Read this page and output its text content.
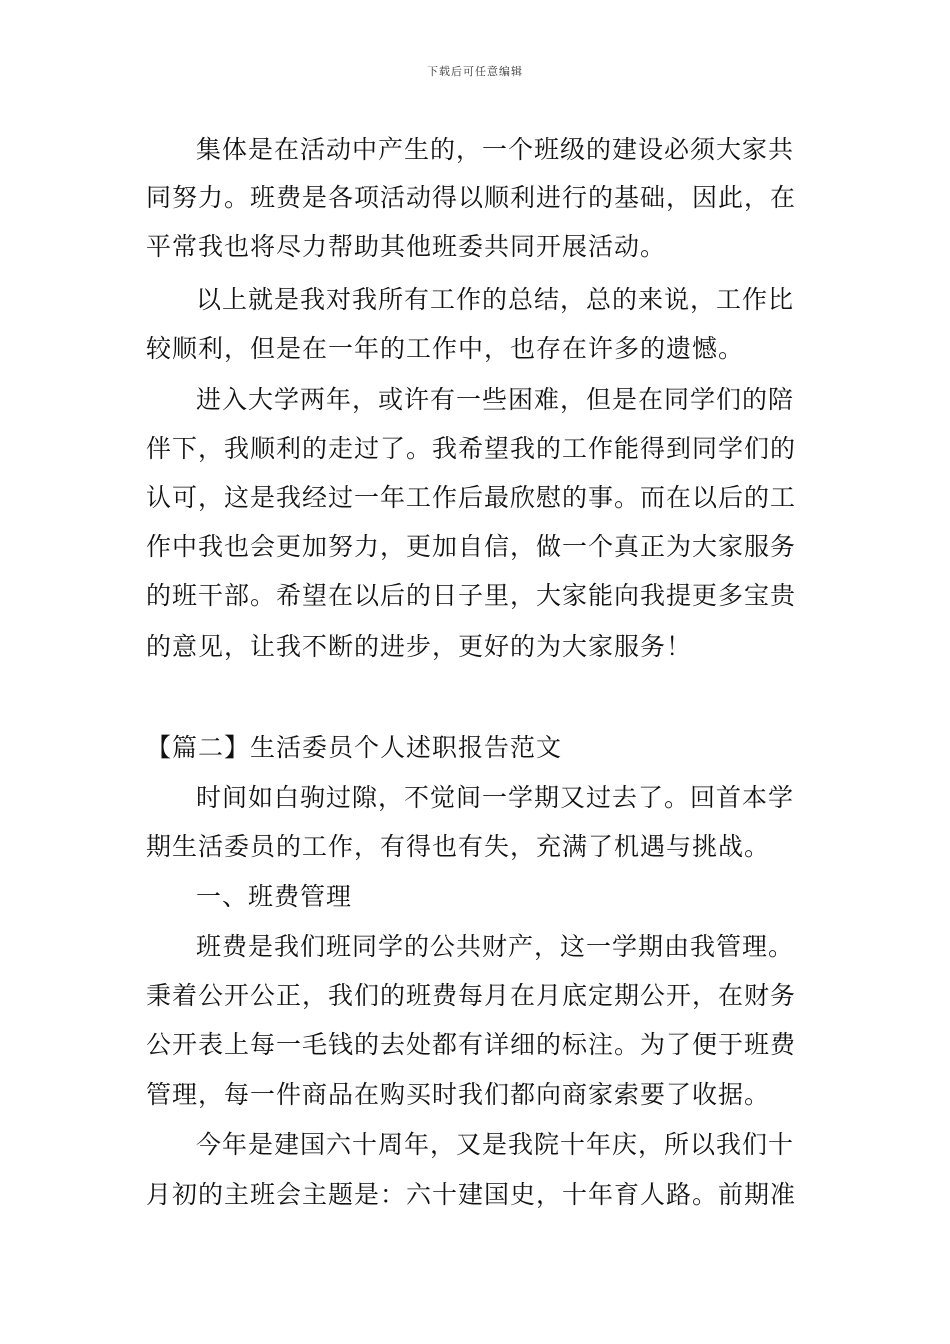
下载后可任意编辑
集体是在活动中产生的，一个班级的建设必须大家共
同努力。班费是各项活动得以顺利进行的基础，因此，在
平常我也将尽力帮助其他班委共同开展活动。
以上就是我对我所有工作的总结，总的来说，工作比
较顺利，但是在一年的工作中，也存在许多的遗憾。
进入大学两年，或许有一些困难，但是在同学们的陪
伴下，我顺利的走过了。我希望我的工作能得到同学们的
认可，这是我经过一年工作后最欣慰的事。而在以后的工
作中我也会更加努力，更加自信，做一个真正为大家服务
的班干部。希望在以后的日子里，大家能向我提更多宝贵
的意见，让我不断的进步，更好的为大家服务！
【篇二】生活委员个人述职报告范文
时间如白驹过隙，不觉间一学期又过去了。回首本学
期生活委员的工作，有得也有失，充满了机遇与挑战。
一、班费管理
班费是我们班同学的公共财产，这一学期由我管理。
秉着公开公正，我们的班费每月在月底定期公开，在财务
公开表上每一毛钱的去处都有详细的标注。为了便于班费
管理，每一件商品在购买时我们都向商家索要了收据。
今年是建国六十周年，又是我院十年庆，所以我们十
月初的主班会主题是：六十建国史，十年育人路。前期准
